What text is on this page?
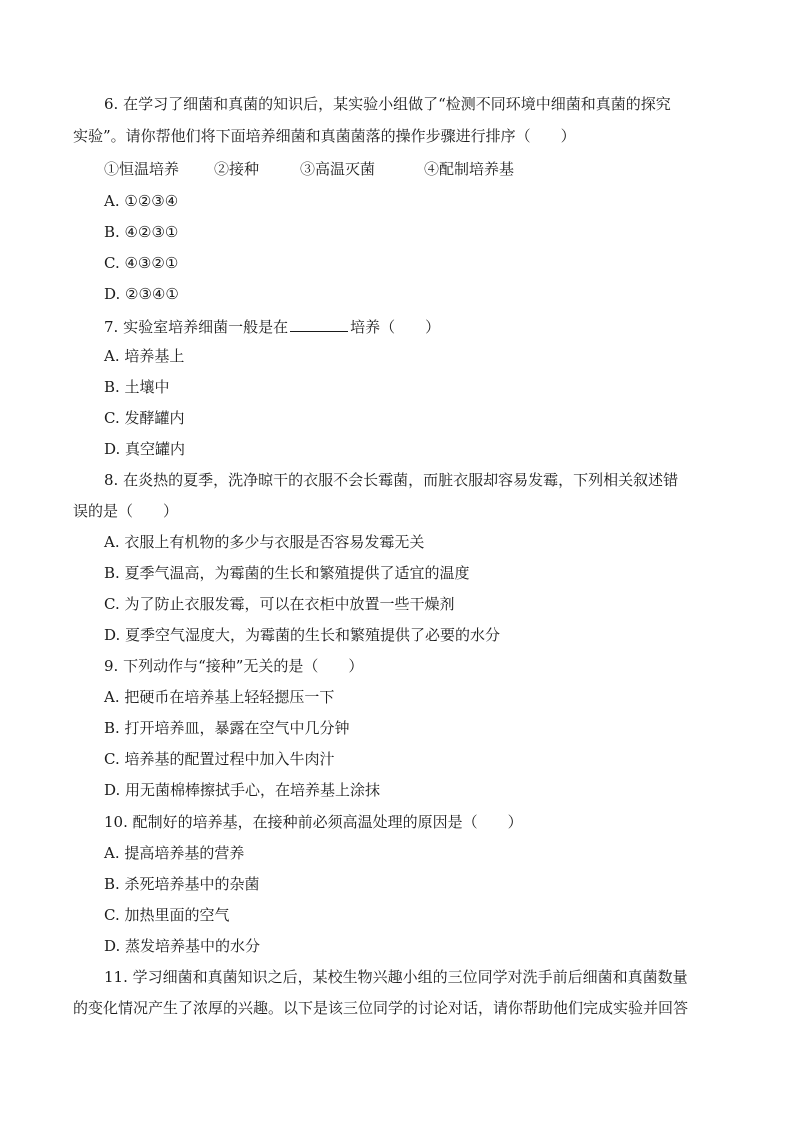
6. 在学习了细菌和真菌的知识后，某实验小组做了“检测不同环境中细菌和真菌的探究
实验”。请你帮他们将下面培养细菌和真菌菌落的操作步骤进行排序（　　）
①恒温培养 ②接种	③高温灭菌	④配制培养基
A. ①②③④
B. ④②③①
C. ④③②①
D. ②③④①
7. 实验室培养细菌一般是在	培养（　　）
A. 培养基上
B. 土壤中
C. 发酵罐内
D. 真空罐内
8. 在炎热的夏季，洗净晾干的衣服不会长霉菌，而脏衣服却容易发霉，下列相关叙述错
误的是（　　）
A. 衣服上有机物的多少与衣服是否容易发霉无关
B. 夏季气温高，为霉菌的生长和繁殖提供了适宜的温度
C. 为了防止衣服发霉，可以在衣柜中放置一些干燥剂
D. 夏季空气湿度大，为霉菌的生长和繁殖提供了必要的水分
9. 下列动作与“接种”无关的是（　　）
A. 把硬币在培养基上轻轻摁压一下
B. 打开培养皿，暴露在空气中几分钟
C. 培养基的配置过程中加入牛肉汁
D. 用无菌棉棒擦拭手心，在培养基上涂抹
10. 配制好的培养基，在接种前必须高温处理的原因是（　　）
A. 提高培养基的营养
B. 杀死培养基中的杂菌
C. 加热里面的空气
D. 蒸发培养基中的水分
11. 学习细菌和真菌知识之后，某校生物兴趣小组的三位同学对洗手前后细菌和真菌数量
的变化情况产生了浓厚的兴趣。以下是该三位同学的讨论对话，请你帮助他们完成实验并回答
